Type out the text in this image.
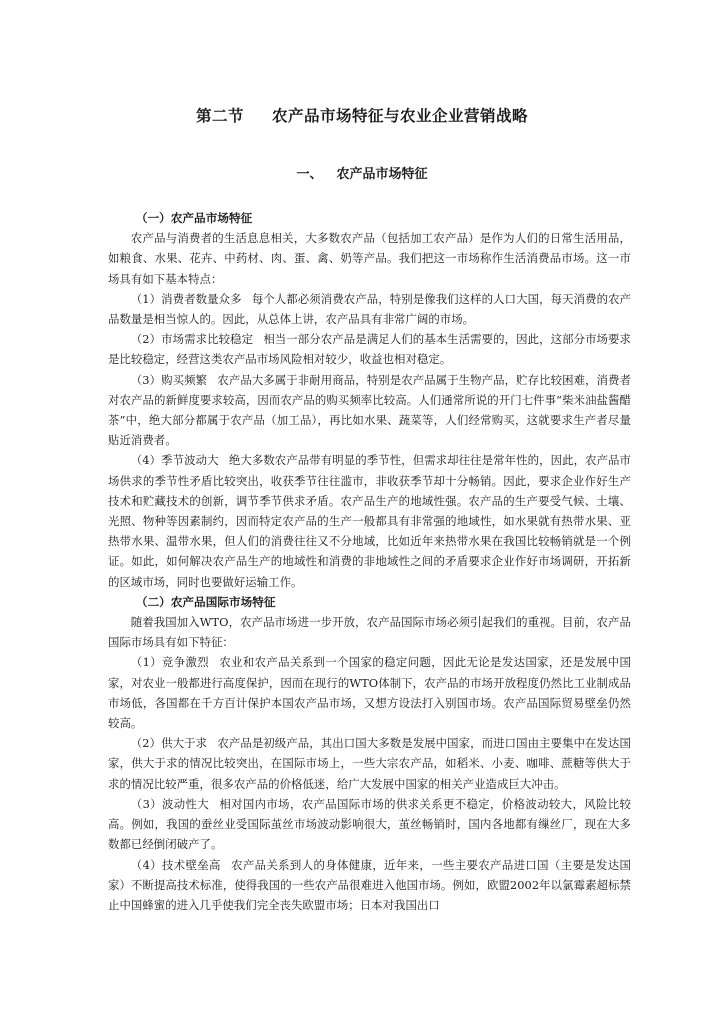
第二节 农产品市场特征与农业企业营销战略
一、 农产品市场特征
（一）农产品市场特征

农产品与消费者的生活息息相关，大多数农产品（包括加工农产品）是作为人们的日常生活用品，如粮食、水果、花卉、中药材、肉、蛋、禽、奶等产品。我们把这一市场称作生活消费品市场。这一市场具有如下基本特点：

（1）消费者数量众多 每个人都必须消费农产品，特别是像我们这样的人口大国，每天消费的农产品数量是相当惊人的。因此，从总体上讲，农产品具有非常广阔的市场。

（2）市场需求比较稳定 相当一部分农产品是满足人们的基本生活需要的，因此，这部分市场要求是比较稳定，经营这类农产品市场风险相对较少，收益也相对稳定。

（3）购买频繁 农产品大多属于非耐用商品，特别是农产品属于生物产品，贮存比较困难，消费者对农产品的新鲜度要求较高，因而农产品的购买频率比较高。人们通常所说的开门七件事“柴米油盐酱醋茶”中，绝大部分都属于农产品（加工品），再比如水果、蔬菜等，人们经常购买，这就要求生产者尽量贴近消费者。

（4）季节波动大 绝大多数农产品带有明显的季节性，但需求却往往是常年性的，因此，农产品市场供求的季节性矛盾比较突出，收获季节往往滥市，非收获季节却十分畅销。因此，要求企业作好生产技术和贮藏技术的创新，调节季节供求矛盾。农产品生产的地域性强。农产品的生产要受气候、土壤、光照、物种等因素制约，因而特定农产品的生产一般都具有非常强的地域性，如水果就有热带水果、亚热带水果、温带水果，但人们的消费往往又不分地域，比如近年来热带水果在我国比较畅销就是一个例证。如此，如何解决农产品生产的地域性和消费的非地域性之间的矛盾要求企业作好市场调研，开拓新的区域市场，同时也要做好运输工作。

（二）农产品国际市场特征

随着我国加入WTO，农产品市场进一步开放，农产品国际市场必须引起我们的重视。目前，农产品国际市场具有如下特征：

（1）竞争激烈 农业和农产品关系到一个国家的稳定问题，因此无论是发达国家，还是发展中国家，对农业一般都进行高度保护，因而在现行的WTO体制下，农产品的市场开放程度仍然比工业制成品市场低，各国都在千方百计保护本国农产品市场，又想方设法打入别国市场。农产品国际贸易壁垒仍然较高。

（2）供大于求 农产品是初级产品，其出口国大多数是发展中国家，而进口国由主要集中在发达国家，供大于求的情况比较突出，在国际市场上，一些大宗农产品，如稻米、小麦、咖啡、蔗糖等供大于求的情况比较严重，很多农产品的价格低迷，给广大发展中国家的相关产业造成巨大冲击。

（3）波动性大 相对国内市场，农产品国际市场的供求关系更不稳定，价格波动较大，风险比较高。例如，我国的蚕丝业受国际茧丝市场波动影响很大，茧丝畅销时，国内各地都有缫丝厂，现在大多数都已经倒闭破产了。

（4）技术壁垒高 农产品关系到人的身体健康，近年来，一些主要农产品进口国（主要是发达国家）不断提高技术标准，使得我国的一些农产品很难进入他国市场。例如，欧盟2002年以氯霉素超标禁止中国蜂蜜的进入几乎使我们完全丧失欧盟市场；日本对我国出口
